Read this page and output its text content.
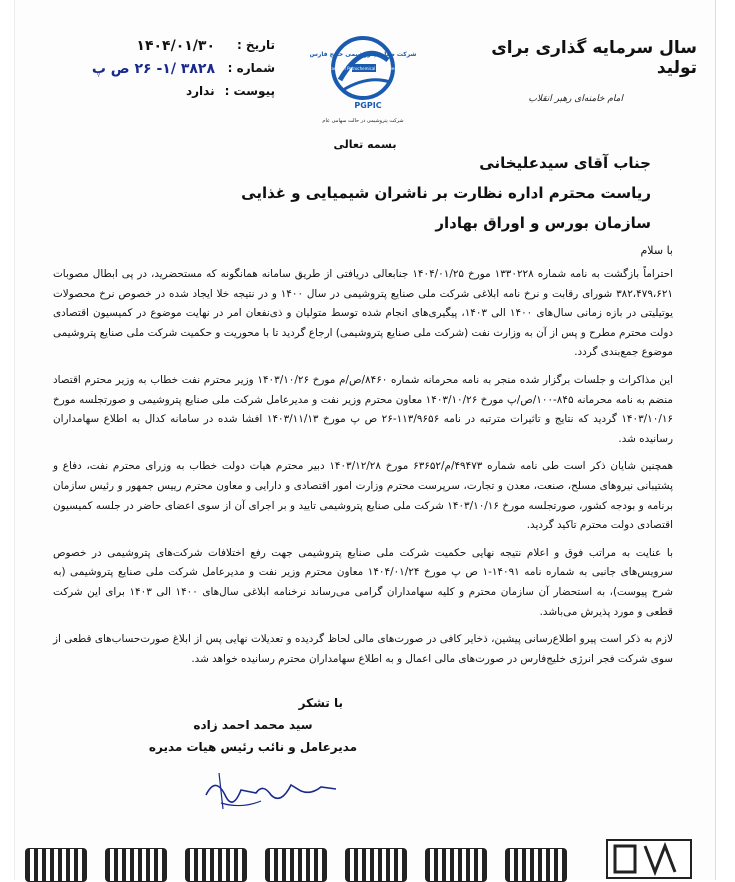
سال سرمایه گذاری برای تولید
امام خامنه‌ای رهبر انقلاب
Persian Gulf Petrochemical Industries Co.
شرکت صنایع پتروشیمی خلیج فارس
PGPIC
شرکت پتروشیمی در حالت سهامی عام
تاریخ :
۱۴۰۴/۰۱/۳۰
شماره :
۳۸۲۸ /۱- ۲۶ ص پ
پیوست :
ندارد
بسمه تعالی
جناب آقای سیدعلیخانی
ریاست محترم اداره نظارت بر ناشران شیمیایی و غذایی
سازمان بورس و اوراق بهادار
با سلام

احتراماً بازگشت به نامه شماره ۱۳۳۰۲۲۸ مورخ ۱۴۰۴/۰۱/۲۵ جنابعالی دریافتی از طریق سامانه همانگونه که مستحضرید، در پی ابطال مصوبات ۳۸۲،۴۷۹،۶۲۱ شورای رقابت و نرخ نامه ابلاغی شرکت ملی صنایع پتروشیمی در سال ۱۴۰۰ و در نتیجه خلا ایجاد شده در خصوص نرخ محصولات یوتیلیتی در بازه زمانی سال‌های ۱۴۰۰ الی ۱۴۰۳، پیگیری‌های انجام شده توسط متولیان و ذی‌نفعان امر در نهایت موضوع در کمیسیون اقتصادی دولت محترم مطرح و پس از آن به وزارت نفت (شرکت ملی صنایع پتروشیمی) ارجاع گردید تا با محوریت و حکمیت شرکت ملی صنایع پتروشیمی موضوع جمع‌بندی گردد.

این مذاکرات و جلسات برگزار شده منجر به نامه محرمانه شماره ۸۴۶۰/ص/م مورخ ۱۴۰۳/۱۰/۲۶ وزیر محترم نفت خطاب به وزیر محترم اقتصاد منضم به نامه محرمانه ۸۴۵-۱۰۰/ص/پ مورخ ۱۴۰۳/۱۰/۲۶ معاون محترم وزیر نفت و مدیرعامل شرکت ملی صنایع پتروشیمی و صورتجلسه مورخ ۱۴۰۳/۱۰/۱۶ گردید که نتایج و تاثیرات مترتبه در نامه ۱۱۳/۹۶۵۶-۲۶ ص پ مورخ ۱۴۰۳/۱۱/۱۳ افشا شده در سامانه کدال به اطلاع سهامداران رسانیده شد.

همچنین شایان ذکر است طی نامه شماره ۴۹۴۷۳/م/۶۳۶۵۲ مورخ ۱۴۰۳/۱۲/۲۸ دبیر محترم هیات دولت خطاب به وزرای محترم نفت، دفاع و پشتیبانی نیروهای مسلح، صنعت، معدن و تجارت، سرپرست محترم وزارت امور اقتصادی و دارایی و معاون محترم رییس جمهور و رئیس سازمان برنامه و بودجه کشور، صورتجلسه مورخ ۱۴۰۳/۱۰/۱۶ شرکت ملی صنایع پتروشیمی تایید و بر اجرای آن از سوی اعضای حاضر در جلسه کمیسیون اقتصادی دولت محترم تاکید گردید.

با عنایت به مراتب فوق و اعلام نتیجه نهایی حکمیت شرکت ملی صنایع پتروشیمی جهت رفع اختلافات شرکت‌های پتروشیمی در خصوص سرویس‌های جانبی به شماره نامه ۱۴۰۹۱-۱ ص پ مورخ ۱۴۰۴/۰۱/۲۴ معاون محترم وزیر نفت و مدیرعامل شرکت ملی صنایع پتروشیمی (به شرح پیوست)، به استحضار آن سازمان محترم و کلیه سهامداران گرامی می‌رساند نرخنامه ابلاغی سال‌های ۱۴۰۰ الی ۱۴۰۳ برای این شرکت قطعی و مورد پذیرش می‌باشد.

لازم به ذکر است پیرو اطلاع‌رسانی پیشین، ذخایر کافی در صورت‌های مالی لحاظ گردیده و تعدیلات نهایی پس از ابلاغ صورت‌حساب‌های قطعی از سوی شرکت فجر انرژی خلیج‌فارس در صورت‌های مالی اعمال و به اطلاع سهامداران محترم رسانیده خواهد شد.

با تشکر
سید محمد احمد زاده
مدیرعامل و نائب رئیس هیات مدیره
